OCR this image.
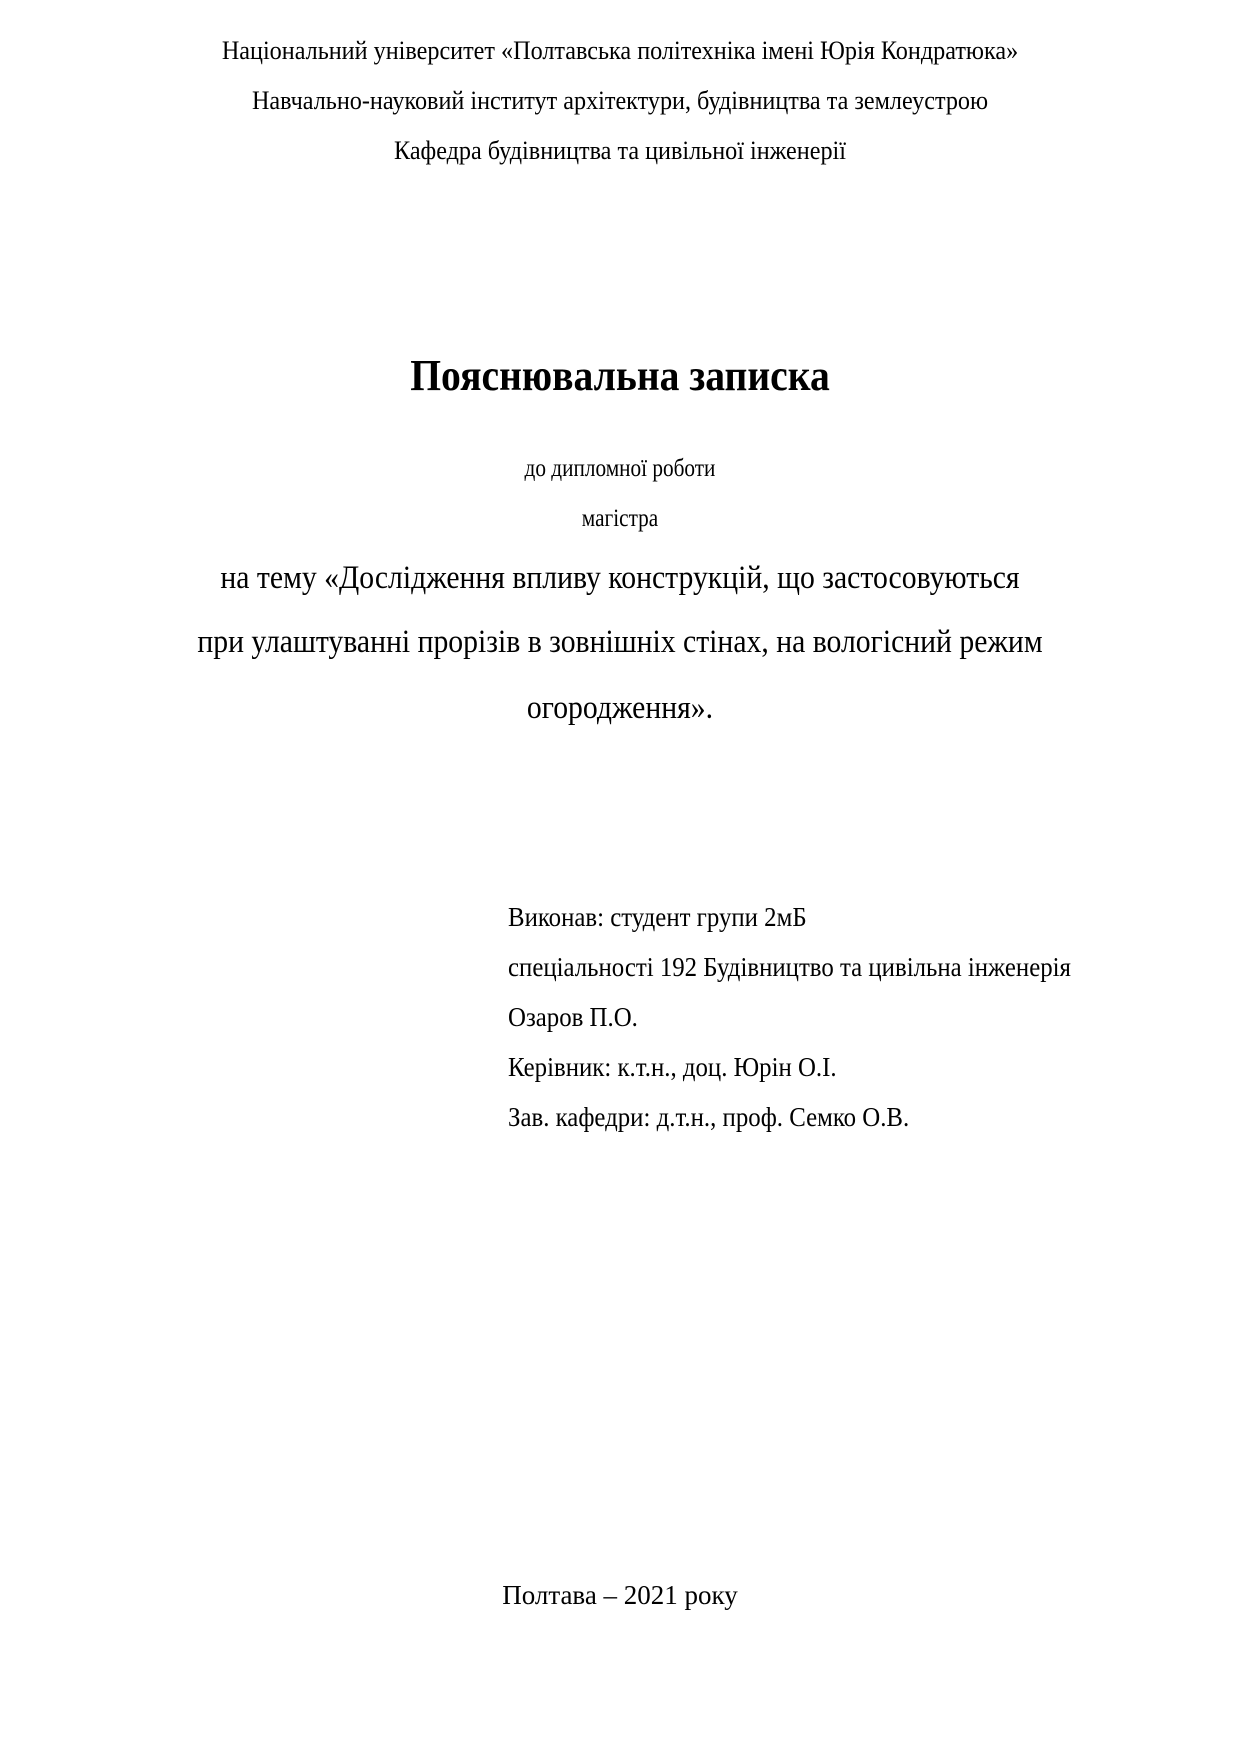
Національний університет «Полтавська політехніка імені Юрія Кондратюка»
Навчально-науковий інститут архітектури, будівництва та землеустрою
Кафедра будівництва та цивільної інженерії
Пояснювальна записка
до дипломної роботи
магістра
на тему «Дослідження впливу конструкцій, що застосовуються
при улаштуванні прорізів в зовнішніх стінах, на вологісний режим
огородження».
Виконав: студент групи 2мБ
спеціальності 192 Будівництво та цивільна інженерія
Озаров П.О.
Керівник: к.т.н., доц. Юрін О.І.
Зав. кафедри: д.т.н., проф. Семко О.В.
Полтава – 2021 року
